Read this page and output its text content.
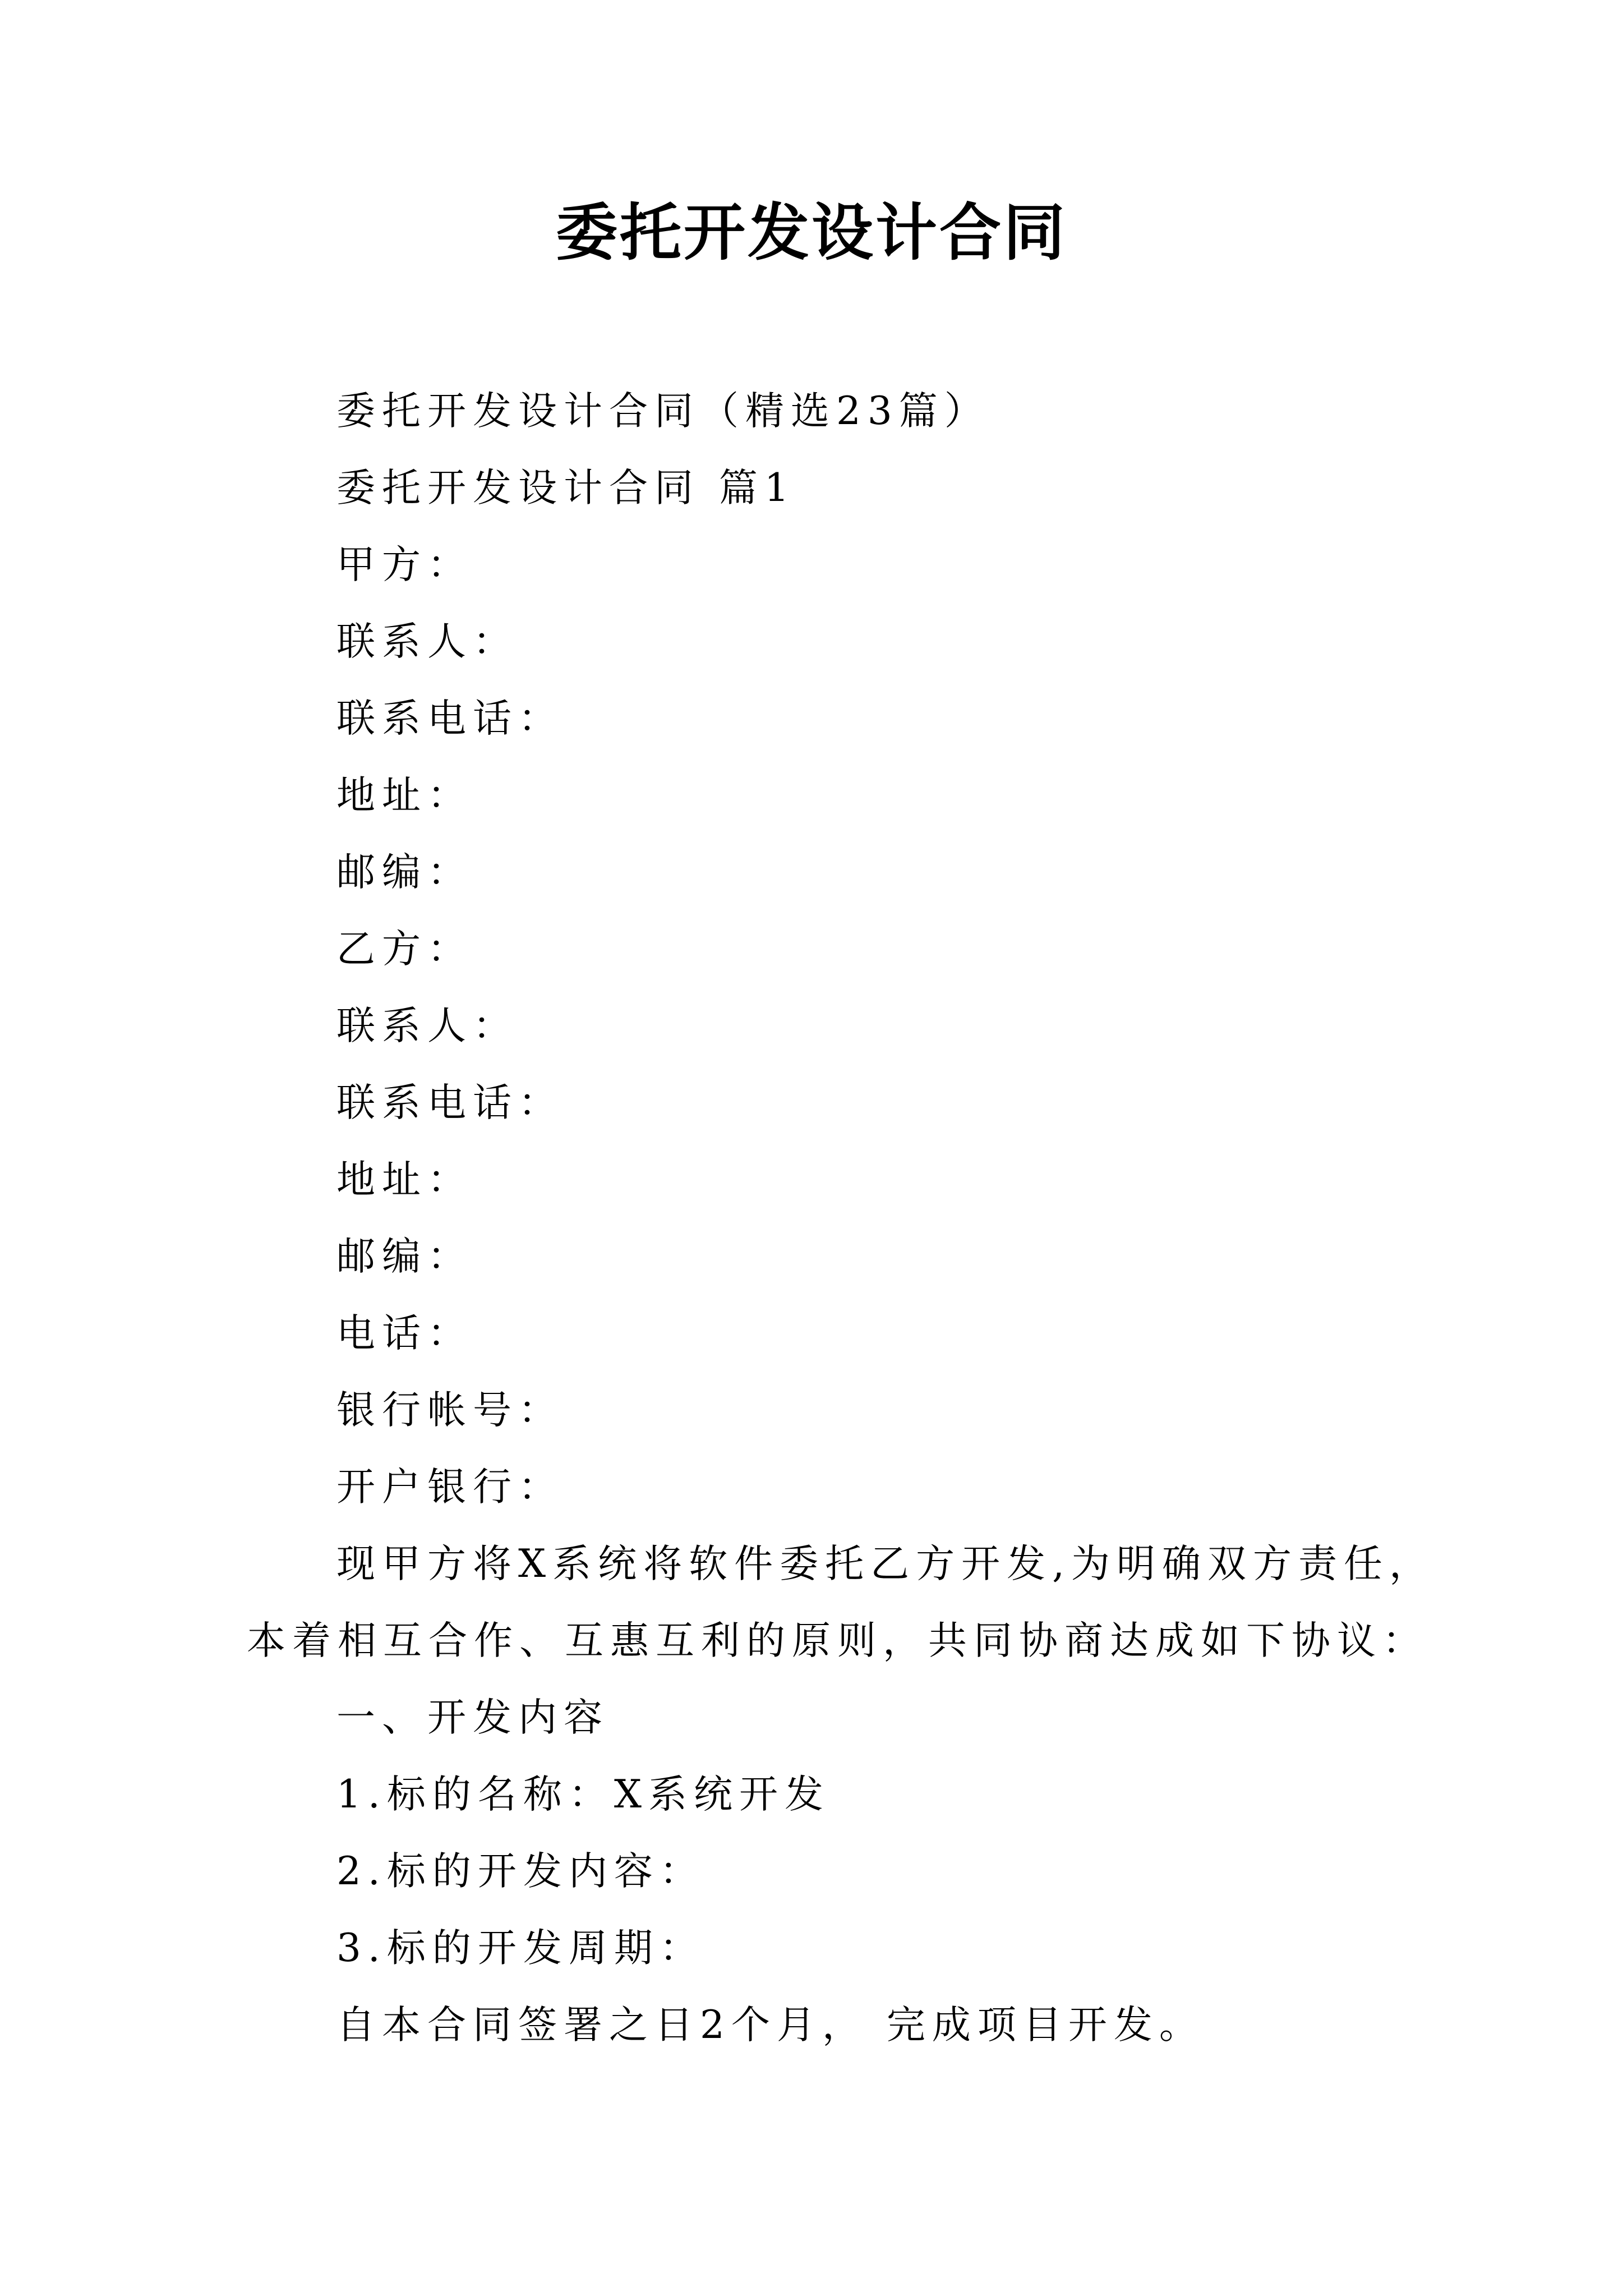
委托开发设计合同
委托开发设计合同（精选23篇）
委托开发设计合同 篇1
甲方：
联系人：
联系电话：
地址：
邮编：
乙方：
联系人：
联系电话：
地址：
邮编：
电话：
银行帐号：
开户银行：
现甲方将X系统将软件委托乙方开发,为明确双方责任，
本着相互合作、互惠互利的原则，共同协商达成如下协议：
一、开发内容
1.标的名称：X系统开发
2.标的开发内容：
3.标的开发周期：
自本合同签署之日2个月， 完成项目开发。
